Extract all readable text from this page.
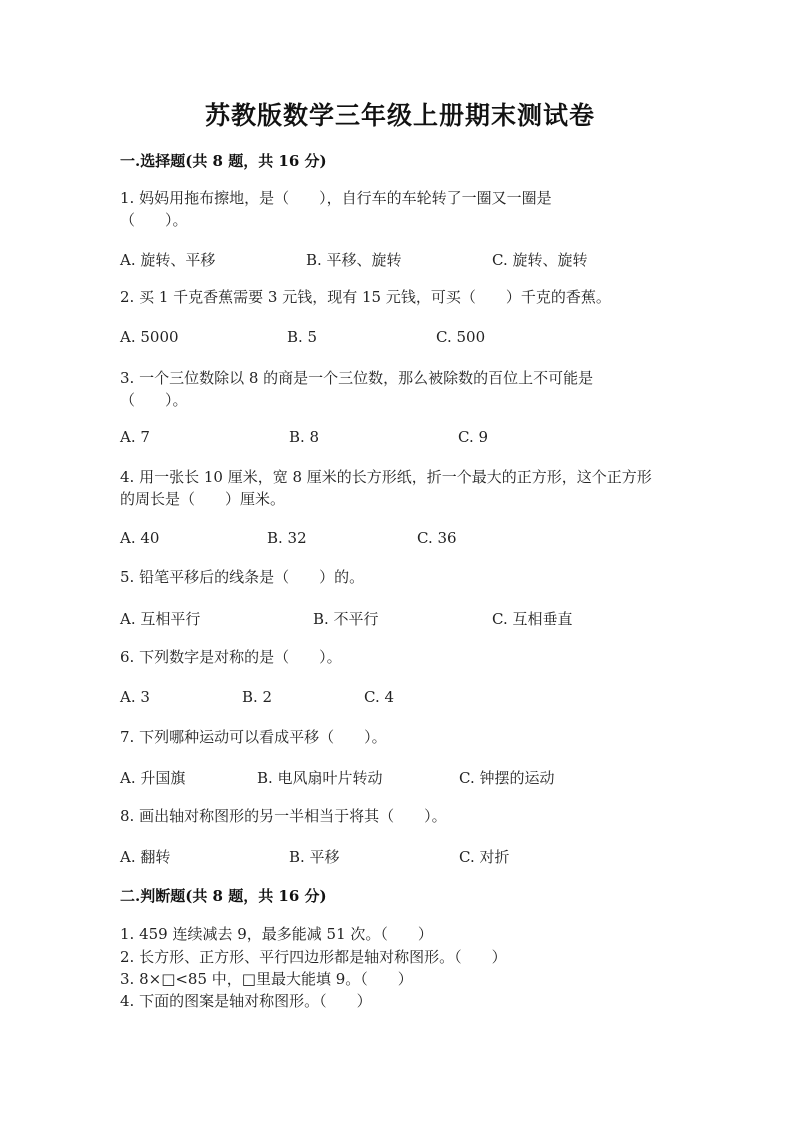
苏教版数学三年级上册期末测试卷
一.选择题(共 8 题，共 16 分)
1. 妈妈用拖布擦地，是（　　），自行车的车轮转了一圈又一圈是
（　　）。
A. 旋转、平移	B. 平移、旋转	C. 旋转、旋转
2. 买 1 千克香蕉需要 3 元钱，现有 15 元钱，可买（　　）千克的香蕉。
A. 5000	B. 5	C. 500
3. 一个三位数除以 8 的商是一个三位数，那么被除数的百位上不可能是
（　　）。
A. 7	B. 8	C. 9
4. 用一张长 10 厘米，宽 8 厘米的长方形纸，折一个最大的正方形，这个正方形
的周长是（　　）厘米。
A. 40	B. 32	C. 36
5. 铅笔平移后的线条是（　　）的。
A. 互相平行	B. 不平行	C. 互相垂直
6. 下列数字是对称的是（　　）。
A. 3	B. 2	C. 4
7. 下列哪种运动可以看成平移（　　）。
A. 升国旗	B. 电风扇叶片转动	C. 钟摆的运动
8. 画出轴对称图形的另一半相当于将其（　　）。
A. 翻转	B. 平移	C. 对折
二.判断题(共 8 题，共 16 分)
1. 459 连续减去 9，最多能减 51 次。（　　）
2. 长方形、正方形、平行四边形都是轴对称图形。（　　）
3. 8×□<85 中，□里最大能填 9。（　　）
4. 下面的图案是轴对称图形。（　　）
